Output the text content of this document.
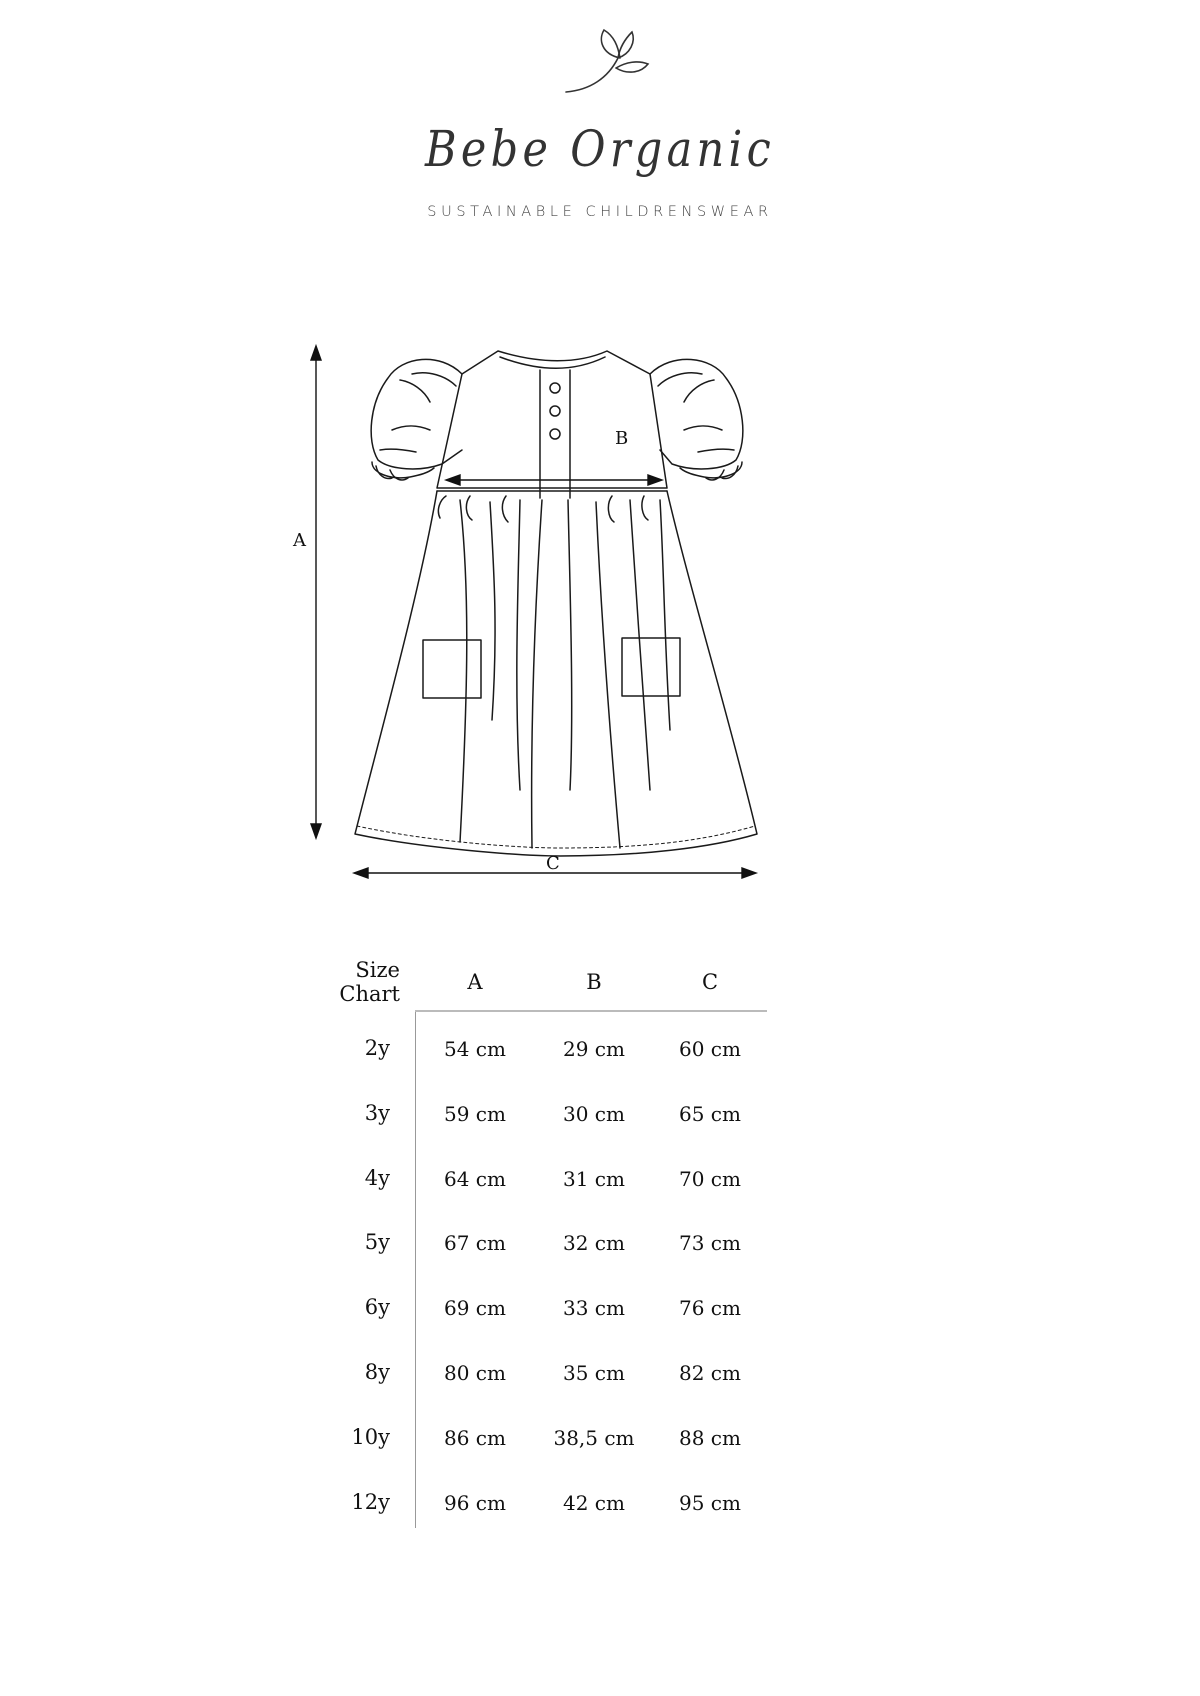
Bebe Organic
SUSTAINABLE CHILDRENSWEAR
A
B
C
Size
Chart	A	B	C
2y	54 cm	29 cm	60 cm
3y	59 cm	30 cm	65 cm
4y	64 cm	31 cm	70 cm
5y	67 cm	32 cm	73 cm
6y	69 cm	33 cm	76 cm
8y	80 cm	35 cm	82 cm
10y	86 cm	38,5 cm	88 cm
12y	96 cm	42 cm	95 cm
